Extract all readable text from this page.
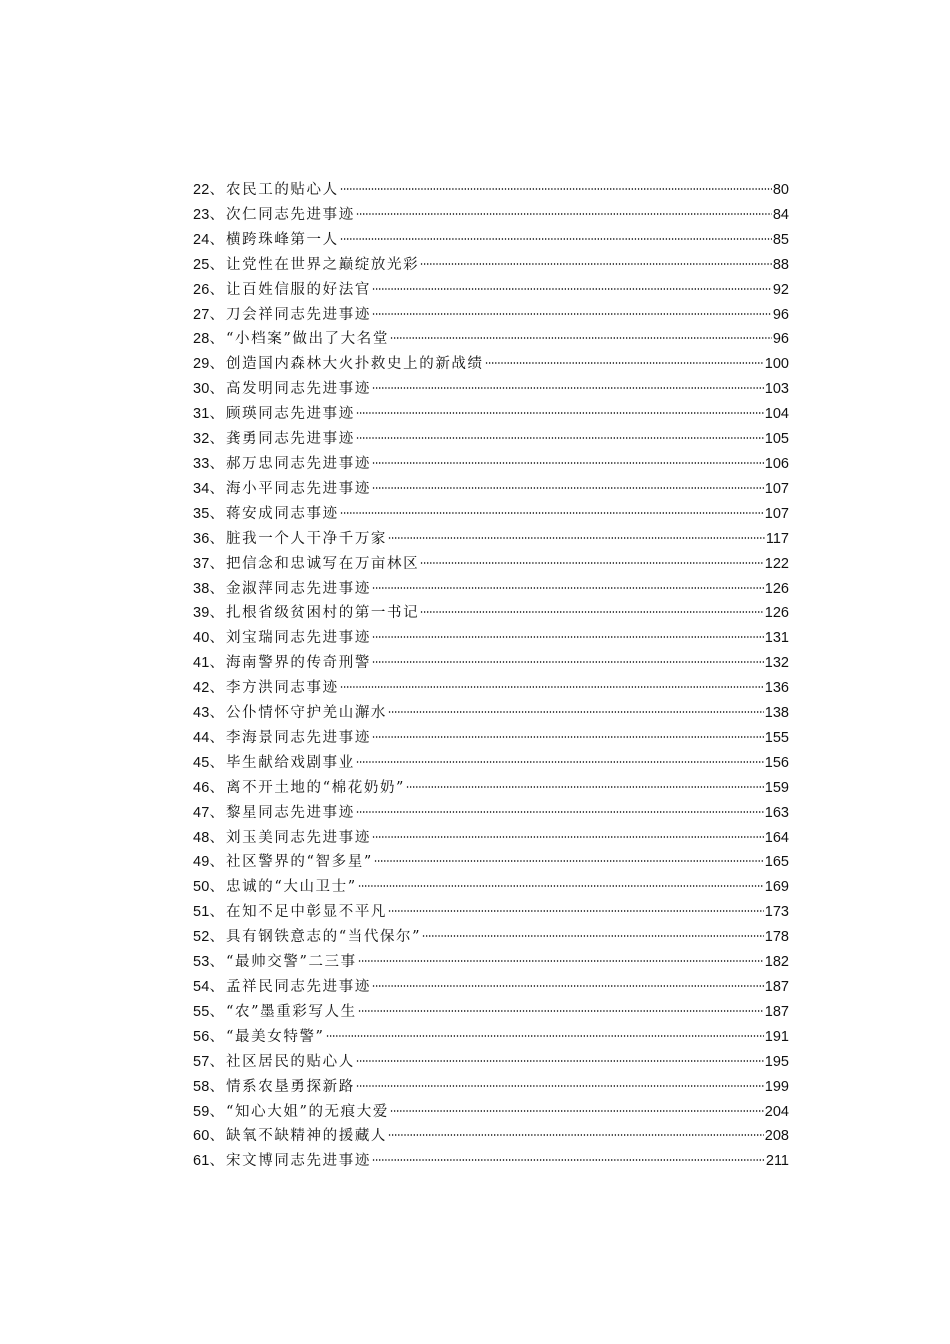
22 、 农民工的贴心人	80
23 、 次仁同志先进事迹	84
24 、 横跨珠峰第一人	85
25 、 让党性在世界之巅绽放光彩	88
26 、 让百姓信服的好法官	92
27 、 刀会祥同志先进事迹	96
28 、 “小档案”做出了大名堂	96
29 、 创造国内森林大火扑救史上的新战绩	100
30 、 高发明同志先进事迹	103
31 、 顾瑛同志先进事迹	104
32 、 龚勇同志先进事迹	105
33 、 郝万忠同志先进事迹	106
34 、 海小平同志先进事迹	107
35 、 蒋安成同志事迹	107
36 、 脏我一个人干净千万家	117
37 、 把信念和忠诚写在万亩林区	122
38 、 金淑萍同志先进事迹	126
39 、 扎根省级贫困村的第一书记	126
40 、 刘宝瑞同志先进事迹	131
41 、 海南警界的传奇刑警	132
42 、 李方洪同志事迹	136
43 、 公仆情怀守护羌山澥水	138
44 、 李海景同志先进事迹	155
45 、 毕生献给戏剧事业	156
46 、 离不开土地的“棉花奶奶”	159
47 、 黎星同志先进事迹	163
48 、 刘玉美同志先进事迹	164
49 、 社区警界的“智多星”	165
50 、 忠诚的“大山卫士”	169
51 、 在知不足中彰显不平凡	173
52 、 具有钢铁意志的“当代保尔”	178
53 、 “最帅交警”二三事	182
54 、 孟祥民同志先进事迹	187
55 、 “农”墨重彩写人生	187
56 、 “最美女特警”	191
57 、 社区居民的贴心人	195
58 、 情系农垦勇探新路	199
59 、 “知心大姐”的无痕大爱	204
60 、 缺氧不缺精神的援藏人	208
61 、 宋文博同志先进事迹	211
